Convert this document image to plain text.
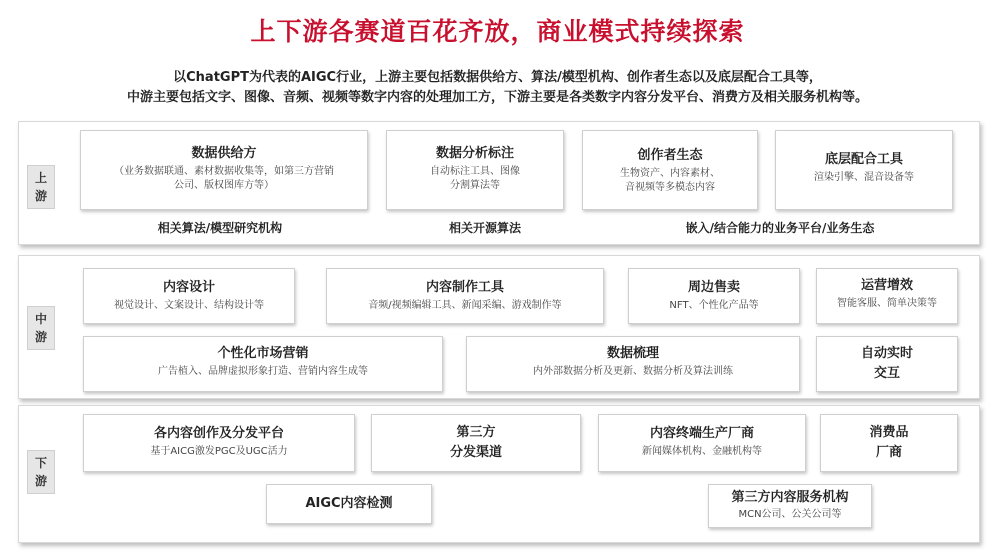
上下游各赛道百花齐放，商业模式持续探索
以ChatGPT为代表的AIGC行业，上游主要包括数据供给方、算法/模型机构、创作者生态以及底层配合工具等，
中游主要包括文字、图像、音频、视频等数字内容的处理加工方，下游主要是各类数字内容分发平台、消费方及相关服务机构等。
上
游
数据供给方
（业务数据联通、素材数据收集等，如第三方营销
公司、版权图库方等）
数据分析标注
自动标注工具、图像
分割算法等
创作者生态
生物资产、内容素材、
音视频等多模态内容
底层配合工具
渲染引擎、混音设备等
相关算法/模型研究机构	相关开源算法	嵌入/结合能力的业务平台/业务生态
中
游
内容设计
视觉设计、文案设计、结构设计等
内容制作工具
音频/视频编辑工具、新闻采编、游戏制作等
周边售卖
NFT、个性化产品等
运营增效
智能客服、简单决策等
个性化市场营销
广告植入、品牌虚拟形象打造、营销内容生成等
数据梳理
内外部数据分析及更新、数据分析及算法训练
自动实时
交互
下
游
各内容创作及分发平台
基于AICG激发PGC及UGC活力
第三方
分发渠道
内容终端生产厂商
新闻媒体机构、金融机构等
消费品
厂商
AIGC内容检测	第三方内容服务机构
MCN公司、公关公司等
